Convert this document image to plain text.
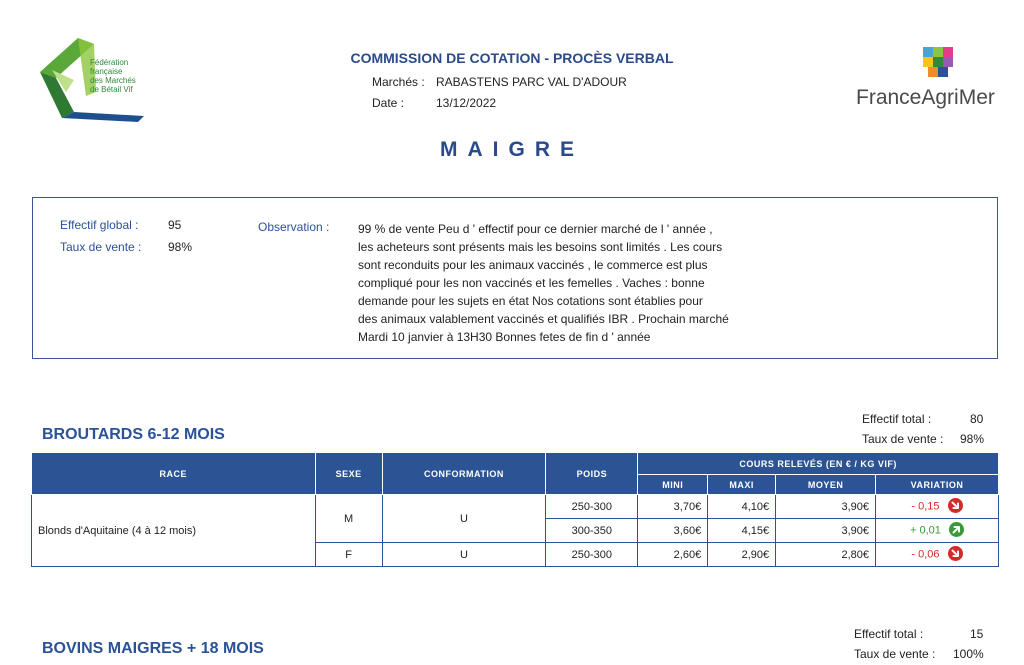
Fédération
française
des Marchés
de Bétail Vif	FranceAgriMer
COMMISSION DE COTATION - PROCÈS VERBAL
Marchés : RABASTENS PARC VAL D'ADOUR
Date :	13/12/2022
MAIGRE
Effectif global : 95
Taux de vente : 98%
Observation : 99 % de vente Peu d ' effectif pour ce dernier marché de l ' année ,
les acheteurs sont présents mais les besoins sont limités . Les cours
sont reconduits pour les animaux vaccinés , le commerce est plus
compliqué pour les non vaccinés et les femelles . Vaches : bonne
demande pour les sujets en état Nos cotations sont établies pour
des animaux valablement vaccinés et qualifiés IBR . Prochain marché
Mardi 10 janvier à 13H30 Bonnes fetes de fin d ' année
BROUTARDS 6-12 MOIS
Effectif total :	80
Taux de vente : 98%
RACE	SEXE	CONFORMATION	POIDS	COURS RELEVÉS (EN € / KG VIF)			
				MINI	MAXI	MOYEN	VARIATION
Blonds d'Aquitaine (4 à 12 mois)	M	U	250-300	3,70€	4,10€	3,90€	- 0,15

			300-350	3,60€	4,15€	3,90€	+ 0,01

	F	U	250-300	2,60€	2,90€	2,80€	- 0,06
BOVINS MAIGRES + 18 MOIS
Effectif total :	15
Taux de vente : 100%
